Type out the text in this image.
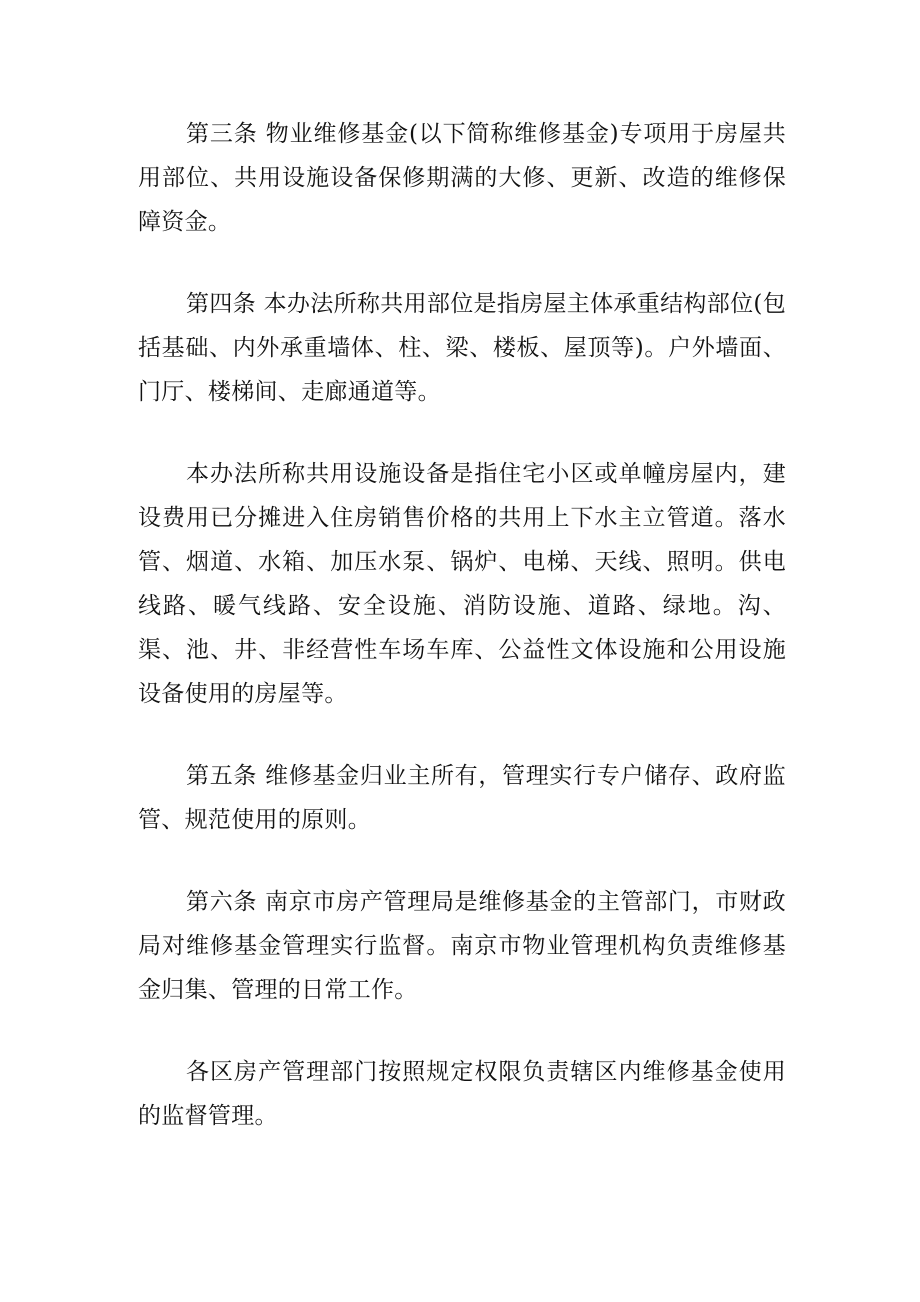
第三条 物业维修基金(以下简称维修基金)专项用于房屋共用部位、共用设施设备保修期满的大修、更新、改造的维修保障资金。

第四条 本办法所称共用部位是指房屋主体承重结构部位(包括基础、内外承重墙体、柱、梁、楼板、屋顶等)。户外墙面、门厅、楼梯间、走廊通道等。

本办法所称共用设施设备是指住宅小区或单幢房屋内，建设费用已分摊进入住房销售价格的共用上下水主立管道。落水管、烟道、水箱、加压水泵、锅炉、电梯、天线、照明。供电线路、暖气线路、安全设施、消防设施、道路、绿地。沟、渠、池、井、非经营性车场车库、公益性文体设施和公用设施设备使用的房屋等。

第五条 维修基金归业主所有，管理实行专户储存、政府监管、规范使用的原则。

第六条 南京市房产管理局是维修基金的主管部门，市财政局对维修基金管理实行监督。南京市物业管理机构负责维修基金归集、管理的日常工作。

各区房产管理部门按照规定权限负责辖区内维修基金使用的监督管理。
